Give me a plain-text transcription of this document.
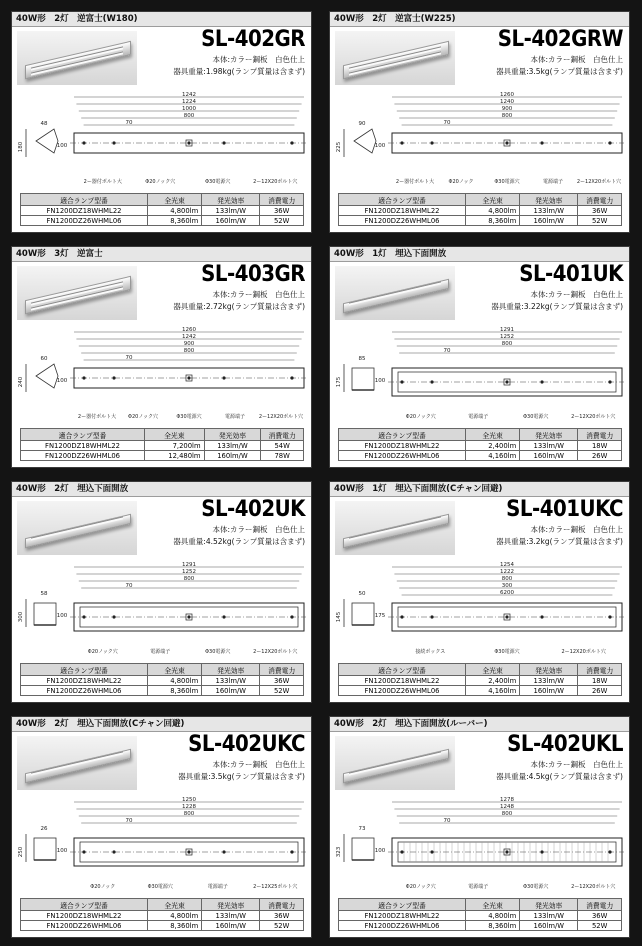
40W形　2灯　逆富士(W180)
SL-402GR
本体:カラー鋼板　白色仕上
器具重量:1.98kg(ランプ質量は含まず)
48
180	100
1242
1224
1000
800
70
2ー器付ボルト大	Φ20ノック穴	Φ30電源穴	2ー12X20ボルト穴
適合ランプ型番	全光束	発光効率	消費電力
FN1200DZ18WHML22	4,800lm	133lm/W	36W
FN1200DZ26WHML06	8,360lm	160lm/W	52W
40W形　2灯　逆富士(W225)
SL-402GRW
本体:カラー鋼板　白色仕上
器具重量:3.5kg(ランプ質量は含まず)
90
225	100
1260
1240
900
800
70
2ー器付ボルト大	Φ20ノック	Φ30電源穴	電源端子	2ー12X20ボルト穴
適合ランプ型番	全光束	発光効率	消費電力
FN1200DZ18WHML22	4,800lm	133lm/W	36W
FN1200DZ26WHML06	8,360lm	160lm/W	52W
40W形　3灯　逆富士
SL-403GR
本体:カラー鋼板　白色仕上
器具重量:2.72kg(ランプ質量は含まず)
60
240	100
1260
1242
900
800
70
2ー器付ボルト大 Φ20ノック穴	Φ30電源穴	電源端子	2ー12X20ボルト穴
適合ランプ型番	全光束	発光効率	消費電力
FN1200DZ18WHML22	7,200lm	133lm/W	54W
FN1200DZ26WHML06	12,480lm	160lm/W	78W
40W形　1灯　埋込下面開放
SL-401UK
本体:カラー鋼板　白色仕上
器具重量:3.22kg(ランプ質量は含まず)
85
175	100
1291
1252
800
70
Φ20ノック穴	電源端子	Φ30電源穴	2ー12X20ボルト穴
適合ランプ型番	全光束	発光効率	消費電力
FN1200DZ18WHML22	2,400lm	133lm/W	18W
FN1200DZ26WHML06	4,160lm	160lm/W	26W
40W形　2灯　埋込下面開放
SL-402UK
本体:カラー鋼板　白色仕上
器具重量:4.52kg(ランプ質量は含まず)
58
300	100
1291
1252
800
70
Φ20ノック穴	電源端子	Φ30電源穴	2ー12X20ボルト穴
適合ランプ型番	全光束	発光効率	消費電力
FN1200DZ18WHML22	4,800lm	133lm/W	36W
FN1200DZ26WHML06	8,360lm	160lm/W	52W
40W形　1灯　埋込下面開放(Cチャン回避)
SL-401UKC
本体:カラー鋼板　白色仕上
器具重量:3.2kg(ランプ質量は含まず)
50
145	175
1254
1222
800
300
6200
接続ボックス	Φ30電源穴	2ー12X20ボルト穴
適合ランプ型番	全光束	発光効率	消費電力
FN1200DZ18WHML22	2,400lm	133lm/W	18W
FN1200DZ26WHML06	4,160lm	160lm/W	26W
40W形　2灯　埋込下面開放(Cチャン回避)
SL-402UKC
本体:カラー鋼板　白色仕上
器具重量:3.5kg(ランプ質量は含まず)
26
250	100
1250
1228
800
70
Φ20ノック	Φ30電源穴	電源端子	2ー12X25ボルト穴
適合ランプ型番	全光束	発光効率	消費電力
FN1200DZ18WHML22	4,800lm	133lm/W	36W
FN1200DZ26WHML06	8,360lm	160lm/W	52W
40W形　2灯　埋込下面開放(ルーバー)
SL-402UKL
本体:カラー鋼板　白色仕上
器具重量:4.5kg(ランプ質量は含まず)
73
323	100
1278
1248
800
70
Φ20ノック穴	電源端子	Φ30電源穴	2ー12X20ボルト穴
適合ランプ型番	全光束	発光効率	消費電力
FN1200DZ18WHML22	4,800lm	133lm/W	36W
FN1200DZ26WHML06	8,360lm	160lm/W	52W
